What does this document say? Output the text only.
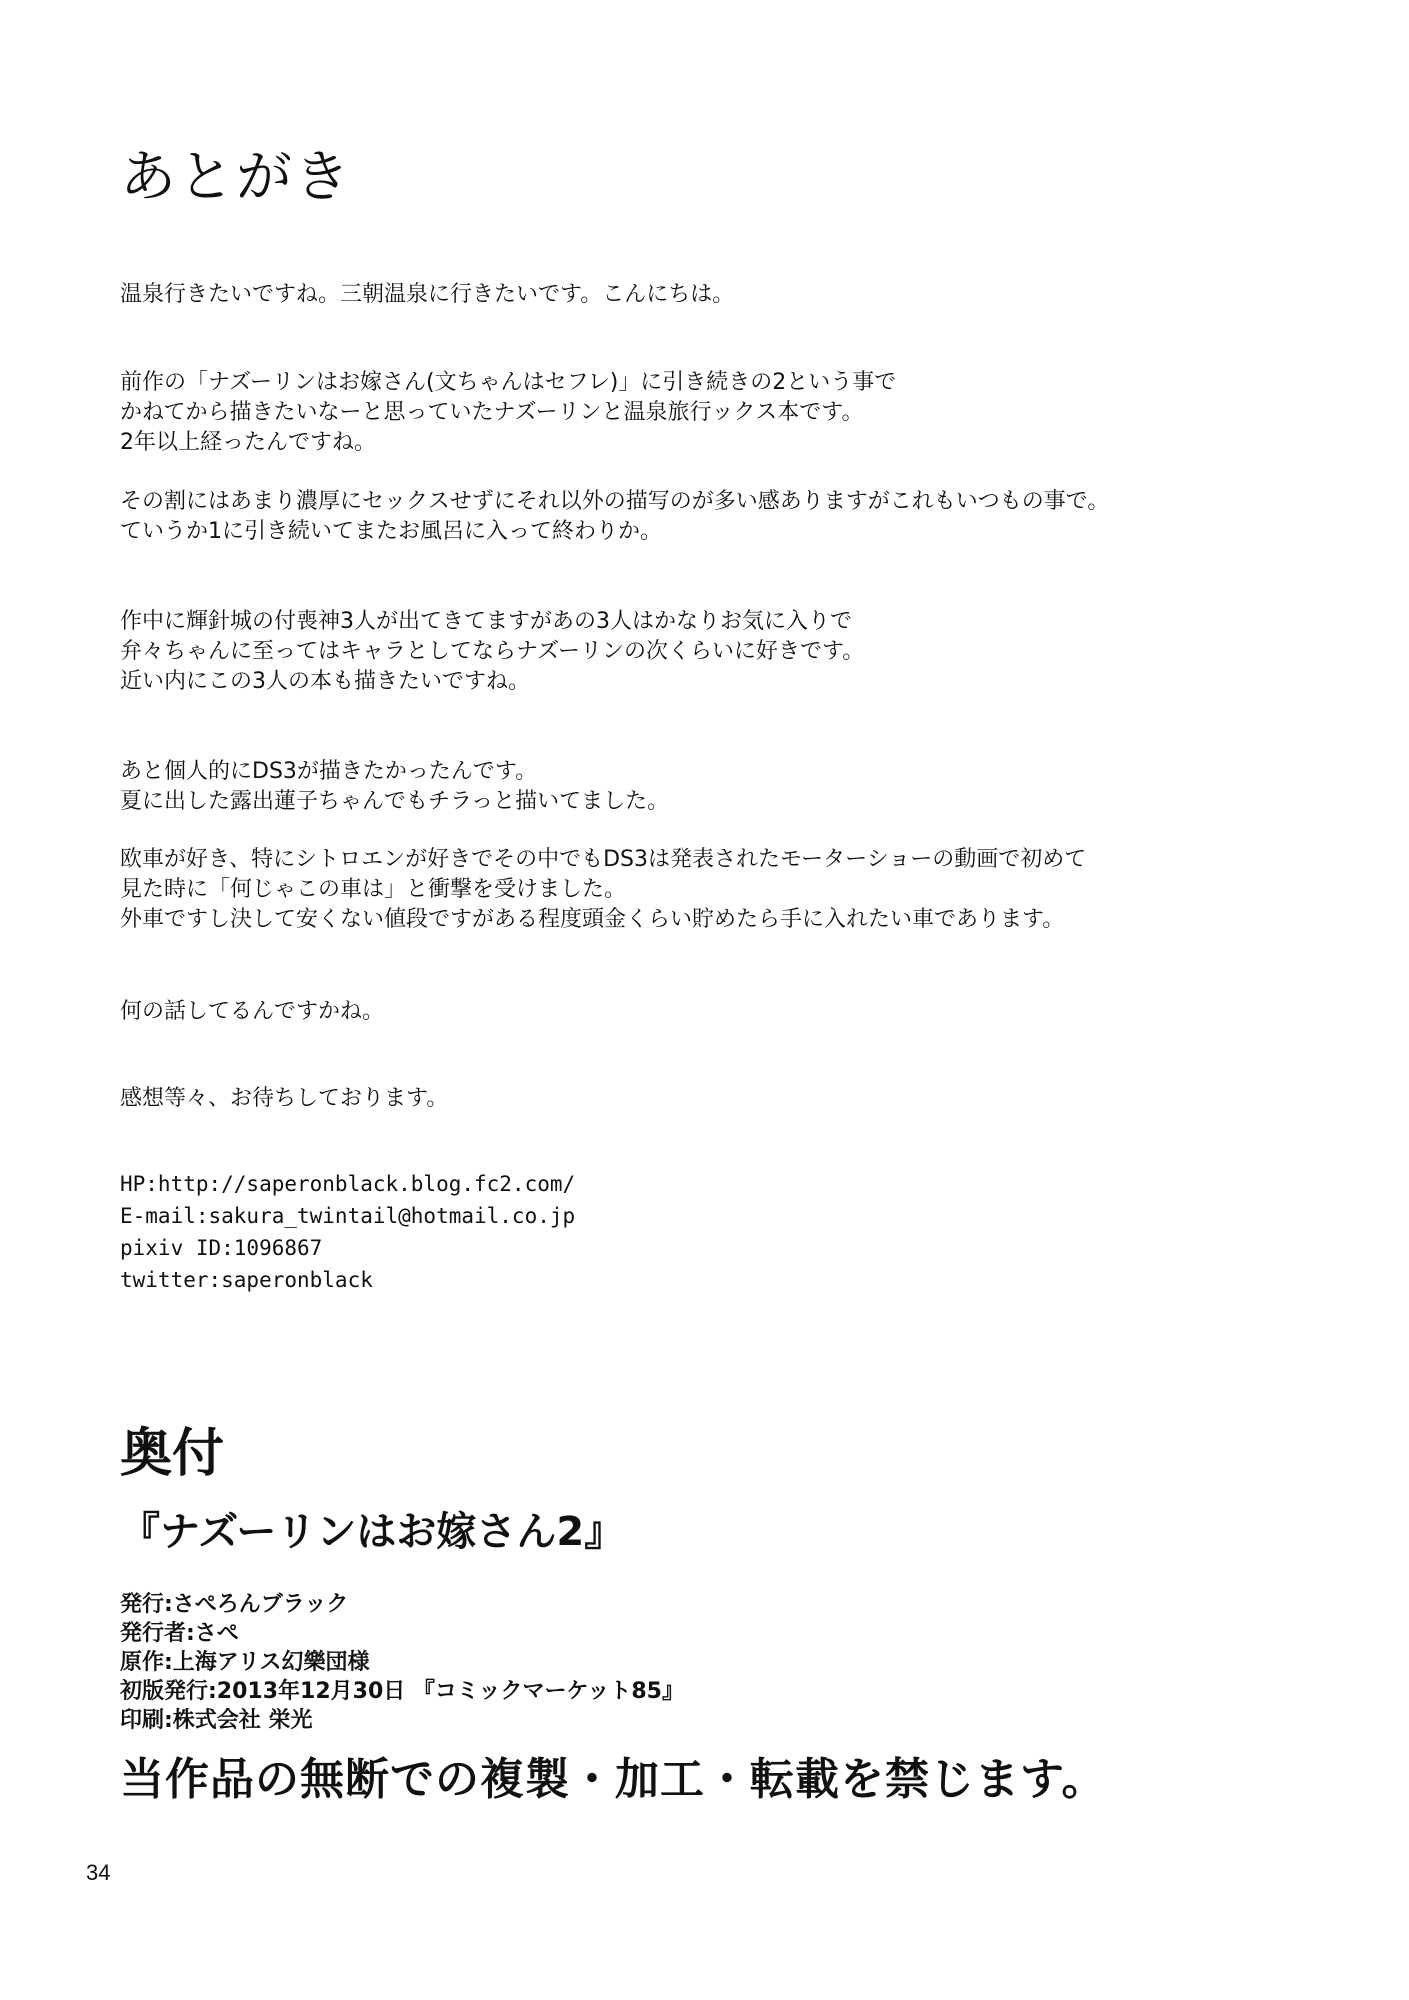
あとがき

温泉行きたいですね。三朝温泉に行きたいです。こんにちは。

前作の「ナズーリンはお嫁さん(文ちゃんはセフレ)」に引き続きの2という事で
かねてから描きたいなーと思っていたナズーリンと温泉旅行ックス本です。
2年以上経ったんですね。

その割にはあまり濃厚にセックスせずにそれ以外の描写のが多い感ありますがこれもいつもの事で。
ていうか1に引き続いてまたお風呂に入って終わりか。

作中に輝針城の付喪神3人が出てきてますがあの3人はかなりお気に入りで
弁々ちゃんに至ってはキャラとしてならナズーリンの次くらいに好きです。
近い内にこの3人の本も描きたいですね。

あと個人的にDS3が描きたかったんです。
夏に出した露出蓮子ちゃんでもチラっと描いてました。

欧車が好き、特にシトロエンが好きでその中でもDS3は発表されたモーターショーの動画で初めて
見た時に「何じゃこの車は」と衝撃を受けました。
外車ですし決して安くない値段ですがある程度頭金くらい貯めたら手に入れたい車であります。

何の話してるんですかね。

感想等々、お待ちしております。

HP:http://saperonblack.blog.fc2.com/
E-mail:sakura_twintail@hotmail.co.jp
pixiv ID:1096867
twitter:saperonblack
奥付
『ナズーリンはお嫁さん2』
発行:さぺろんブラック
発行者:さぺ
原作:上海アリス幻樂団様
初版発行:2013年12月30日 『コミックマーケット85』
印刷:株式会社 栄光
当作品の無断での複製・加工・転載を禁じます。
34
